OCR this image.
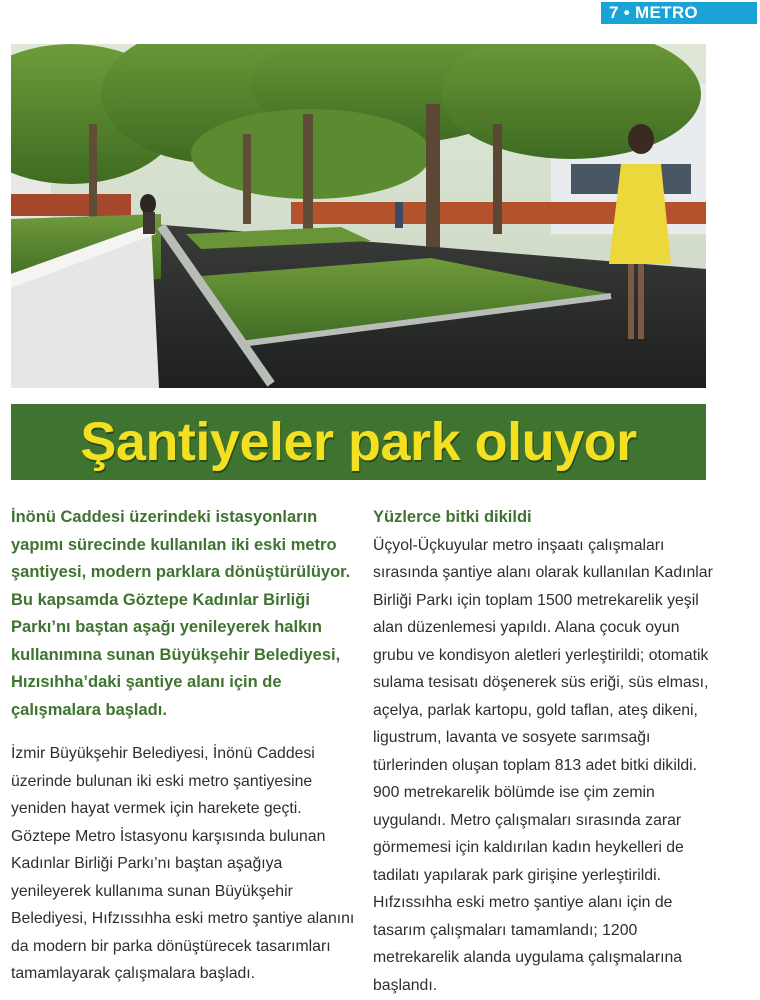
7 • METRO
Şantiyeler park oluyor

İnönü Caddesi üzerindeki istasyonların yapımı sürecinde kullanılan iki eski metro şantiyesi, modern parklara dönüştürülüyor. Bu kapsamda Göztepe Kadınlar Birliği Parkı’nı baştan aşağı yenileyerek halkın kullanımına sunan Büyükşehir Belediyesi, Hızısıhha’daki şantiye alanı için de çalışmalara başladı.

İzmir Büyükşehir Belediyesi, İnönü Caddesi üzerinde bulunan iki eski metro şantiyesine yeniden hayat vermek için harekete geçti. Göztepe Metro İstasyonu karşısında bulunan Kadınlar Birliği Parkı’nı baştan aşağıya yenileyerek kullanıma sunan Büyükşehir Belediyesi, Hıfzıssıhha eski metro şantiye alanını da modern bir parka dönüştürecek tasarımları tamamlayarak çalışmalara başladı.

Yüzlerce bitki dikildi

Üçyol-Üçkuyular metro inşaatı çalışmaları sırasında şantiye alanı olarak kullanılan Kadınlar Birliği Parkı için toplam 1500 metrekarelik yeşil alan düzenlemesi yapıldı. Alana çocuk oyun grubu ve kondisyon aletleri yerleştirildi; otomatik sulama tesisatı döşenerek süs eriği, süs elması, açelya, parlak kartopu, gold taflan, ateş dikeni, ligustrum, lavanta ve sosyete sarımsağı türlerinden oluşan toplam 813 adet bitki dikildi. 900 metrekarelik bölümde ise çim zemin uygulandı. Metro çalışmaları sırasında zarar görmemesi için kaldırılan kadın heykelleri de tadilatı yapılarak park girişine yerleştirildi. Hıfzıssıhha eski metro şantiye alanı için de tasarım çalışmaları tamamlandı; 1200 metrekarelik alanda uygulama çalışmalarına başlandı.
